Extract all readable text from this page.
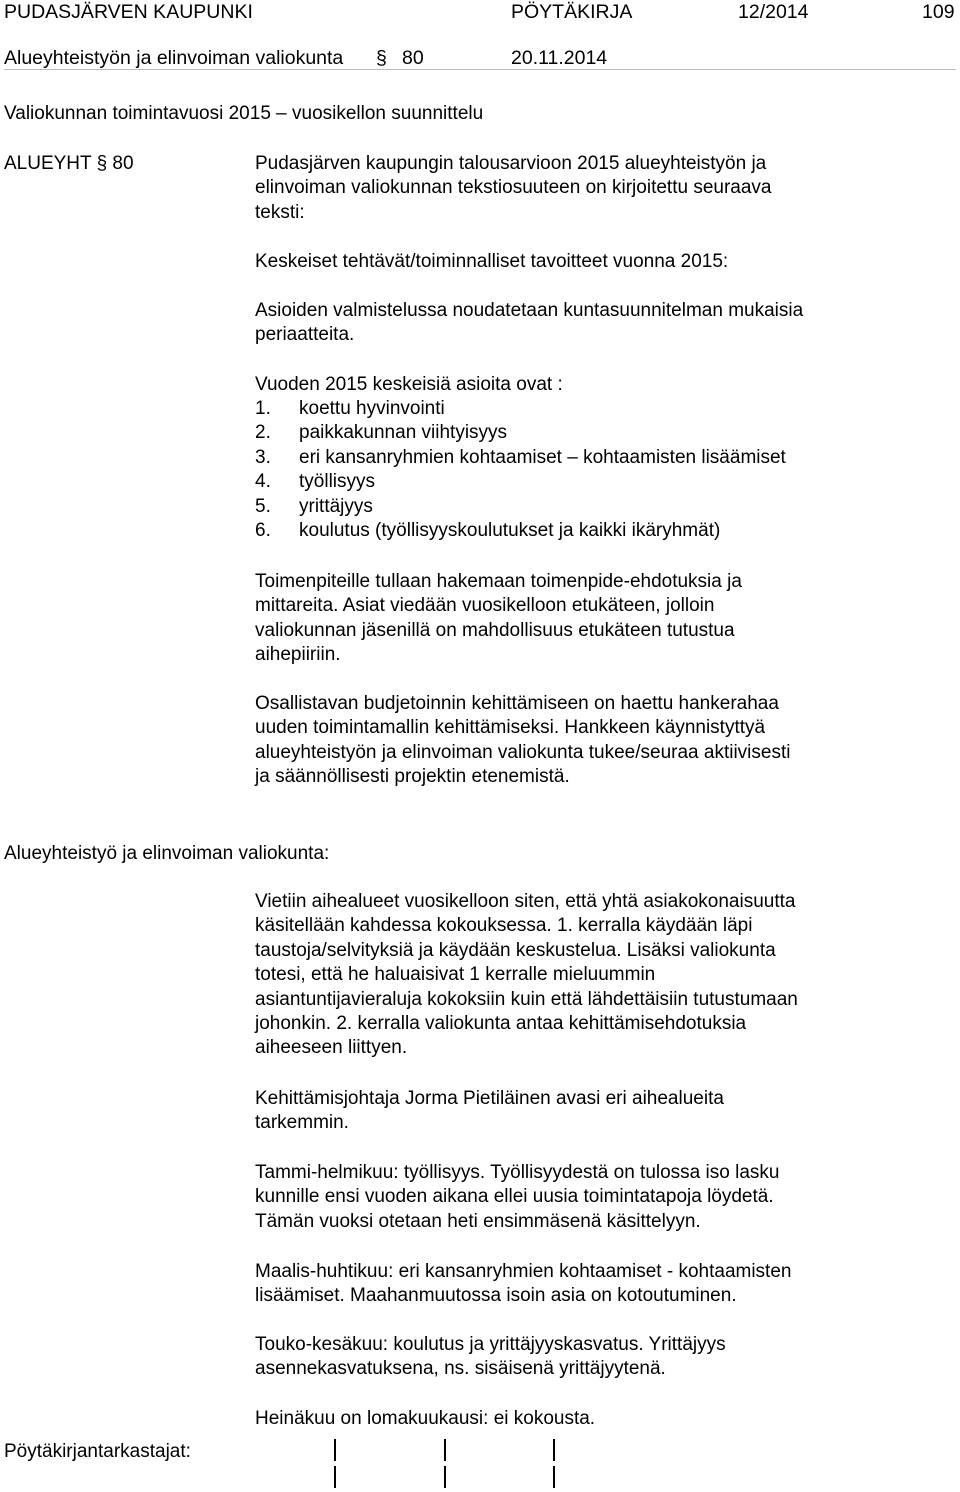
PUDASJÄRVEN KAUPUNKI	PÖYTÄKIRJA	12/2014	109
Alueyhteistyön ja elinvoiman valiokunta § 80	20.11.2014
Valiokunnan toimintavuosi 2015 – vuosikellon suunnittelu
ALUEYHT § 80	Pudasjärven kaupungin talousarvioon 2015 alueyhteistyön ja
elinvoiman valiokunnan tekstiosuuteen on kirjoitettu seuraava
teksti:
Keskeiset tehtävät/toiminnalliset tavoitteet vuonna 2015:
Asioiden valmistelussa noudatetaan kuntasuunnitelman mukaisia
periaatteita.
Vuoden 2015 keskeisiä asioita ovat :
1. koettu hyvinvointi
2. paikkakunnan viihtyisyys
3. eri kansanryhmien kohtaamiset – kohtaamisten lisäämiset
4. työllisyys
5. yrittäjyys
6. koulutus (työllisyyskoulutukset ja kaikki ikäryhmät)
Toimenpiteille tullaan hakemaan toimenpide-ehdotuksia ja
mittareita. Asiat viedään vuosikelloon etukäteen, jolloin
valiokunnan jäsenillä on mahdollisuus etukäteen tutustua
aihepiiriin.
Osallistavan budjetoinnin kehittämiseen on haettu hankerahaa
uuden toimintamallin kehittämiseksi. Hankkeen käynnistyttyä
alueyhteistyön ja elinvoiman valiokunta tukee/seuraa aktiivisesti
ja säännöllisesti projektin etenemistä.
Alueyhteistyö ja elinvoiman valiokunta:
Vietiin aihealueet vuosikelloon siten, että yhtä asiakokonaisuutta
käsitellään kahdessa kokouksessa. 1. kerralla käydään läpi
taustoja/selvityksiä ja käydään keskustelua. Lisäksi valiokunta
totesi, että he haluaisivat 1 kerralle mieluummin
asiantuntijavieraluja kokoksiin kuin että lähdettäisiin tutustumaan
johonkin. 2. kerralla valiokunta antaa kehittämisehdotuksia
aiheeseen liittyen.
Kehittämisjohtaja Jorma Pietiläinen avasi eri aihealueita
tarkemmin.
Tammi-helmikuu: työllisyys. Työllisyydestä on tulossa iso lasku
kunnille ensi vuoden aikana ellei uusia toimintatapoja löydetä.
Tämän vuoksi otetaan heti ensimmäsenä käsittelyyn.
Maalis-huhtikuu: eri kansanryhmien kohtaamiset - kohtaamisten
lisäämiset. Maahanmuutossa isoin asia on kotoutuminen.
Touko-kesäkuu: koulutus ja yrittäjyyskasvatus. Yrittäjyys
asennekasvatuksena, ns. sisäisenä yrittäjyytenä.
Heinäkuu on lomakuukausi: ei kokousta.
Pöytäkirjantarkastajat:
